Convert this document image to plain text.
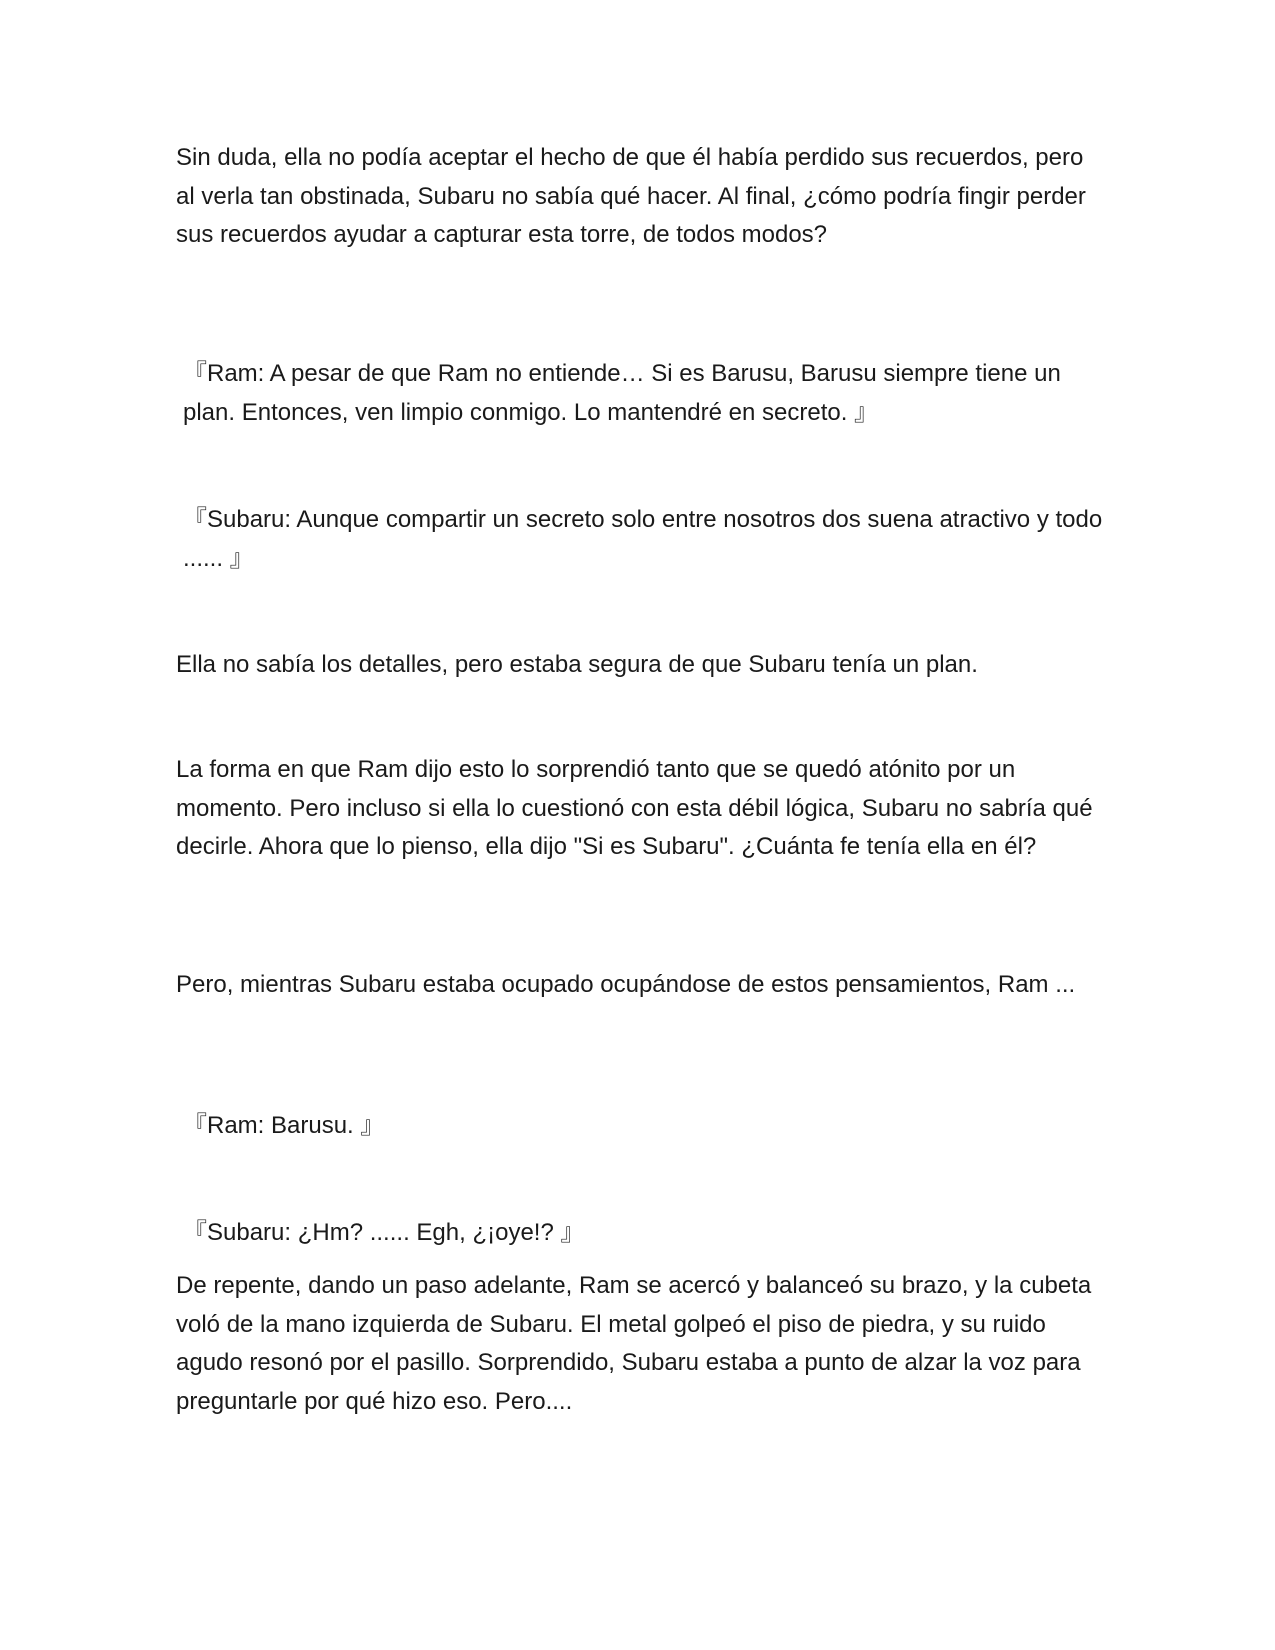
Sin duda, ella no podía aceptar el hecho de que él había perdido sus recuerdos, pero al verla tan obstinada, Subaru no sabía qué hacer. Al final, ¿cómo podría fingir perder sus recuerdos ayudar a capturar esta torre, de todos modos?

『Ram: A pesar de que Ram no entiende… Si es Barusu, Barusu siempre tiene un plan. Entonces, ven limpio conmigo. Lo mantendré en secreto. 』

『Subaru: Aunque compartir un secreto solo entre nosotros dos suena atractivo y todo ...... 』

Ella no sabía los detalles, pero estaba segura de que Subaru tenía un plan.

La forma en que Ram dijo esto lo sorprendió tanto que se quedó atónito por un momento. Pero incluso si ella lo cuestionó con esta débil lógica, Subaru no sabría qué decirle. Ahora que lo pienso, ella dijo "Si es Subaru". ¿Cuánta fe tenía ella en él?

Pero, mientras Subaru estaba ocupado ocupándose de estos pensamientos, Ram ...

『Ram: Barusu. 』

『Subaru: ¿Hm? ...... Egh, ¿¡oye!? 』

De repente, dando un paso adelante, Ram se acercó y balanceó su brazo, y la cubeta voló de la mano izquierda de Subaru. El metal golpeó el piso de piedra, y su ruido agudo resonó por el pasillo. Sorprendido, Subaru estaba a punto de alzar la voz para preguntarle por qué hizo eso. Pero....
